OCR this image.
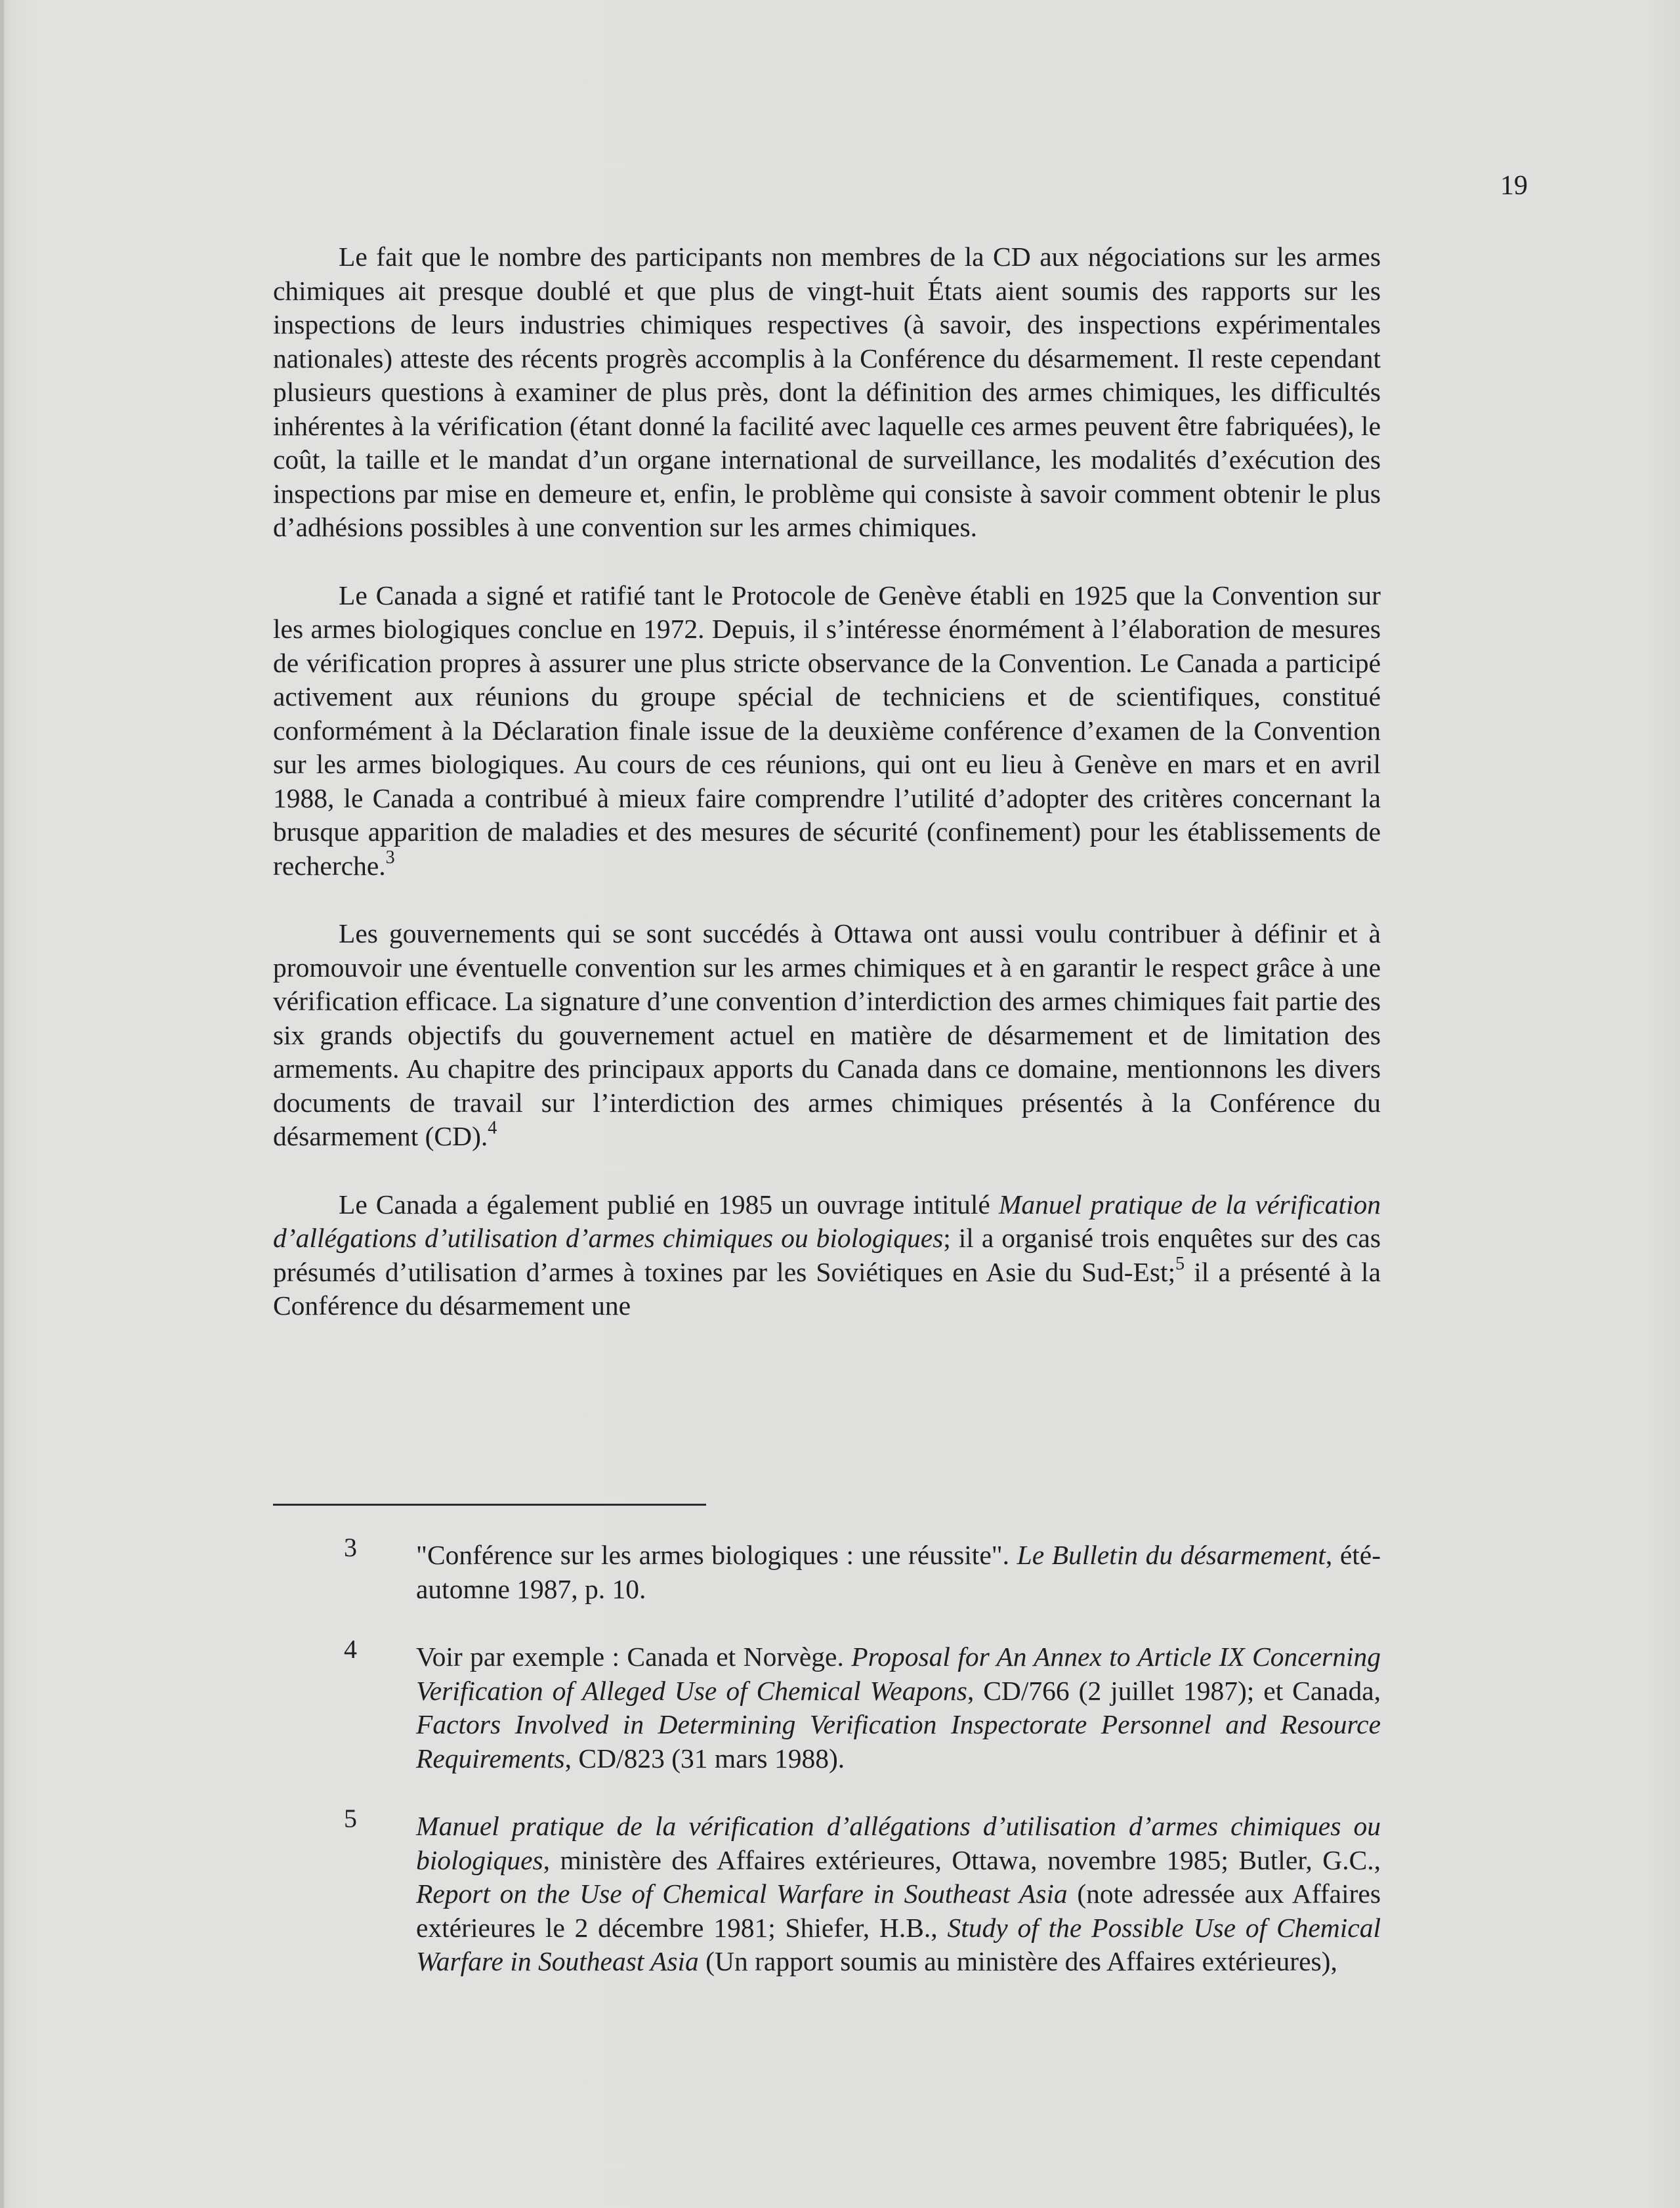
19

Le fait que le nombre des participants non membres de la CD aux négociations sur les armes chimiques ait presque doublé et que plus de vingt-huit États aient soumis des rapports sur les inspections de leurs industries chimiques respectives (à savoir, des inspections expérimentales nationales) atteste des récents progrès accomplis à la Conférence du désarmement. Il reste cependant plusieurs questions à examiner de plus près, dont la définition des armes chimiques, les difficultés inhérentes à la vérification (étant donné la facilité avec laquelle ces armes peuvent être fabriquées), le coût, la taille et le mandat d’un organe international de surveillance, les modalités d’exécution des inspections par mise en demeure et, enfin, le problème qui consiste à savoir comment obtenir le plus d’adhésions possibles à une convention sur les armes chimiques.

Le Canada a signé et ratifié tant le Protocole de Genève établi en 1925 que la Convention sur les armes biologiques conclue en 1972. Depuis, il s’intéresse énormément à l’élaboration de mesures de vérification propres à assurer une plus stricte observance de la Convention. Le Canada a participé activement aux réunions du groupe spécial de techniciens et de scientifiques, constitué conformément à la Déclaration finale issue de la deuxième conférence d’examen de la Convention sur les armes biologiques. Au cours de ces réunions, qui ont eu lieu à Genève en mars et en avril 1988, le Canada a contribué à mieux faire comprendre l’utilité d’adopter des critères concernant la brusque apparition de maladies et des mesures de sécurité (confinement) pour les établissements de recherche.$^3$

Les gouvernements qui se sont succédés à Ottawa ont aussi voulu contribuer à définir et à promouvoir une éventuelle convention sur les armes chimiques et à en garantir le respect grâce à une vérification efficace. La signature d’une convention d’interdiction des armes chimiques fait partie des six grands objectifs du gouvernement actuel en matière de désarmement et de limitation des armements. Au chapitre des principaux apports du Canada dans ce domaine, mentionnons les divers documents de travail sur l’interdiction des armes chimiques présentés à la Conférence du désarmement (CD).$^4$

Le Canada a également publié en 1985 un ouvrage intitulé Manuel pratique de la vérification d’allégations d’utilisation d’armes chimiques ou biologiques; il a organisé trois enquêtes sur des cas présumés d’utilisation d’armes à toxines par les Soviétiques en Asie du Sud-Est;$^5$ il a présenté à la Conférence du désarmement une

3 "Conférence sur les armes biologiques : une réussite". Le Bulletin du désarmement, été-automne 1987, p. 10.
4 Voir par exemple : Canada et Norvège. Proposal for An Annex to Article IX Concerning Verification of Alleged Use of Chemical Weapons, CD/766 (2 juillet 1987); et Canada, Factors Involved in Determining Verification Inspectorate Personnel and Resource Requirements, CD/823 (31 mars 1988).
5 Manuel pratique de la vérification d’allégations d’utilisation d’armes chimiques ou biologiques, ministère des Affaires extérieures, Ottawa, novembre 1985; Butler, G.C., Report on the Use of Chemical Warfare in Southeast Asia (note adressée aux Affaires extérieures le 2 décembre 1981; Shiefer, H.B., Study of the Possible Use of Chemical Warfare in Southeast Asia (Un rapport soumis au ministère des Affaires extérieures),
